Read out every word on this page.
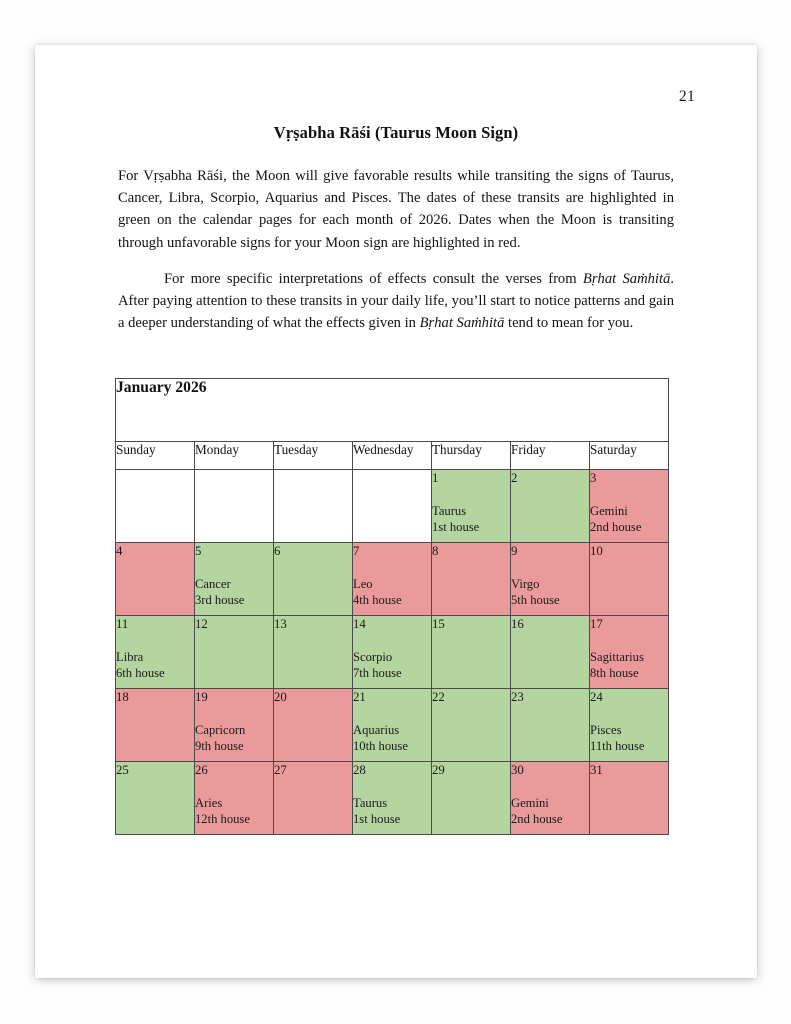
21
Vṛṣabha Rāśi (Taurus Moon Sign)

For Vṛṣabha Rāśi, the Moon will give favorable results while transiting the signs of Taurus, Cancer, Libra, Scorpio, Aquarius and Pisces. The dates of these transits are highlighted in green on the calendar pages for each month of 2026. Dates when the Moon is transiting through unfavorable signs for your Moon sign are highlighted in red.

For more specific interpretations of effects consult the verses from Bṛhat Saṁhitā. After paying attention to these transits in your daily life, you’ll start to notice patterns and gain a deeper understanding of what the effects given in Bṛhat Saṁhitā tend to mean for you.

January 2026						
Sunday	Monday	Tuesday	Wednesday	Thursday	Friday	Saturday

				1
Taurus
1st house	2	3
Gemini
2nd house

4	5
Cancer
3rd house	6	7
Leo
4th house	8	9
Virgo
5th house	10

11
Libra
6th house	12	13	14
Scorpio
7th house	15	16	17
Sagittarius
8th house

18	19
Capricorn
9th house	20	21
Aquarius
10th house	22	23	24
Pisces
11th house

25	26
Aries
12th house	27	28
Taurus
1st house	29	30
Gemini
2nd house	31
